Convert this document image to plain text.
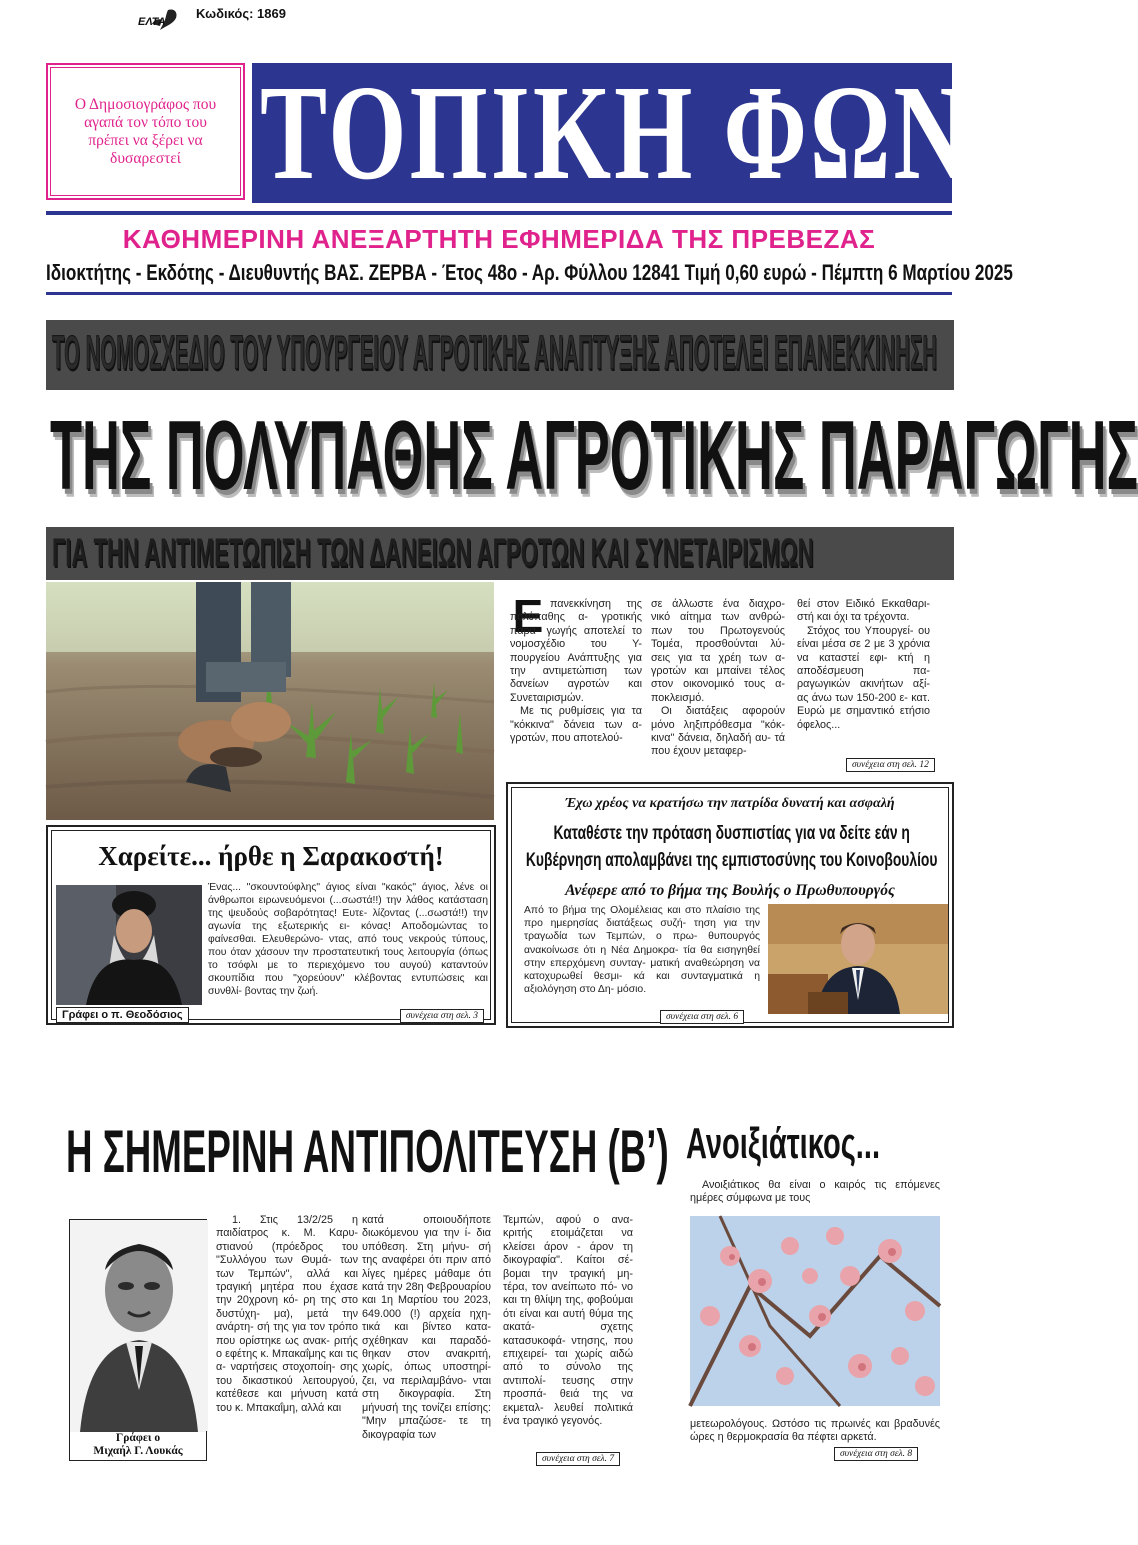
ΕΛΤΑ
Κωδικός: 1869
Ο Δημοσιογράφος που αγαπά τον τόπο του πρέπει να ξέρει να δυσαρεστεί ΤΟΠΙΚΗ ΦΩΝΗ
ΚΑΘΗΜΕΡΙΝΗ ΑΝΕΞΑΡΤΗΤΗ ΕΦΗΜΕΡΙΔΑ ΤΗΣ ΠΡΕΒΕΖΑΣ
Ιδιοκτήτης - Εκδότης - Διευθυντής ΒΑΣ. ΖΕΡΒΑ - Έτος 48ο - Αρ. Φύλλου 12841 Τιμή 0,60 ευρώ - Πέμπτη 6 Μαρτίου 2025
ΤΟ ΝΟΜΟΣΧΕΔΙΟ ΤΟΥ ΥΠΟΥΡΓΕΙΟΥ ΑΓΡΟΤΙΚΗΣ ΑΝΑΠΤΥΞΗΣ ΑΠΟΤΕΛΕΙ ΕΠΑΝΕΚΚΙΝΗΣΗ
ΤΗΣ ΠΟΛΥΠΑΘΗΣ ΑΓΡΟΤΙΚΗΣ ΠΑΡΑΓΩΓΗΣ
ΓΙΑ ΤΗΝ ΑΝΤΙΜΕΤΩΠΙΣΗ ΤΩΝ ΔΑΝΕΙΩΝ ΑΓΡΟΤΩΝ ΚΑΙ ΣΥΝΕΤΑΙΡΙΣΜΩΝ
Ε πανεκκίνηση της πολύπαθης α- γροτικής παρα- γωγής αποτελεί το νομοσχέδιο του Υ- πουργείου Ανάπτυξης για την αντιμετώπιση των δανείων αγροτών και Συνεταιρισμών.

Με τις ρυθμίσεις για τα "κόκκινα" δάνεια των α- γροτών, που αποτελού-

σε άλλωστε ένα διαχρο- νικό αίτημα των ανθρώ- πων του Πρωτογενούς Τομέα, προσθούνται λύ- σεις για τα χρέη των α- γροτών και μπαίνει τέλος στον οικονομικό τους α- ποκλεισμό.

Οι διατάξεις αφορούν μόνο ληξιπρόθεσμα "κόκ- κινα" δάνεια, δηλαδή αυ- τά που έχουν μεταφερ-

θεί στον Ειδικό Εκκαθαρι- στή και όχι τα τρέχοντα.

Στόχος του Υπουργεί- ου είναι μέσα σε 2 με 3 χρόνια να καταστεί εφι- κτή η αποδέσμευση πα- ραγωγικών ακινήτων αξί- ας άνω των 150-200 ε- κατ. Ευρώ με σημαντικό ετήσιο όφελος...

συνέχεια στη σελ. 12
Χαρείτε... ήρθε η Σαρακοστή!
Ένας... "σκουντούφλης" άγιος είναι "κακός" άγιος, λένε οι άνθρωποι ειρωνευόμενοι (...σωστά!!) την λάθος κατάσταση της ψευδούς σοβαρότητας! Ευτε- λίζοντας (...σωστά!!) την αγωνία της εξωτερικής ει- κόνας! Αποδομώντας το φαίνεσθαι. Ελευθερώνο- ντας, από τους νεκρούς τύπους, που όταν χάσουν την προστατευτική τους λειτουργία (όπως το τσόφλι με το περιεχόμενο του αυγού) καταντούν σκουπίδια που "χορεύουν" κλέβοντας εντυπώσεις και συνθλί- βοντας την ζωή.
Γράφει ο π. Θεοδόσιος	συνέχεια στη σελ. 3
Έχω χρέος να κρατήσω την πατρίδα δυνατή και ασφαλή
Καταθέστε την πρόταση δυσπιστίας για να δείτε εάν η Κυβέρνηση απολαμβάνει της εμπιστοσύνης του Κοινοβουλίου
Ανέφερε από το βήμα της Βουλής ο Πρωθυπουργός
Από το βήμα της Ολομέλειας και στο πλαίσιο της προ ημερησίας διατάξεως συζή- τηση για την τραγωδία των Τεμπών, ο πρω- θυπουργός ανακοίνωσε ότι η Νέα Δημοκρα- τία θα εισηγηθεί στην επερχόμενη συνταγ- ματική αναθεώρηση να κατοχυρωθεί θεσμι- κά και συνταγματικά η αξιολόγηση στο Δη- μόσιο.
συνέχεια στη σελ. 6
Η ΣΗΜΕΡΙΝΗ ΑΝΤΙΠΟΛΙΤΕΥΣΗ (Β’)
Γράφει ο
Μιχαήλ Γ. Λουκάς
1. Στις 13/2/25 η παιδίατρος κ. Μ. Καρυ- στιανού (πρόεδρος του "Συλλόγου των Θυμά- των των Τεμπών", αλλά και τραγική μητέρα που έχασε την 20χρονη κό- ρη της στο δυστύχη- μα), μετά την ανάρτη- σή της για τον τρόπο που ορίστηκε ως ανακ- ριτής ο εφέτης κ. Μπακαΐμης και τις α- ναρτήσεις στοχοποίη- σης του δικαστικού λειτουργού, κατέθεσε και μήνυση κατά του κ. Μπακαΐμη, αλλά και
κατά οποιουδήποτε διωκόμενου για την ί- δια υπόθεση. Στη μήνυ- σή της αναφέρει ότι πριν από λίγες ημέρες μάθαμε ότι κατά την 28η Φεβρουαρίου και 1η Μαρτίου του 2023, 649.000 (!) αρχεία ηχη- τικά και βίντεο κατα- σχέθηκαν και παραδό- θηκαν στον ανακριτή, χωρίς, όπως υποστηρί- ζει, να περιλαμβάνο- νται στη δικογραφία. Στη μήνυσή της τονίζει επίσης: "Μην μπαζώσε- τε τη δικογραφία των
Τεμπών, αφού ο ανα- κριτής ετοιμάζεται να κλείσει άρον - άρον τη δικογραφία". Καίτοι σέ- βομαι την τραγική μη- τέρα, τον ανείπωτο πό- νο και τη θλίψη της, φοβούμαι ότι είναι και αυτή θύμα της ακατά- σχετης κατασυκοφά- ντησης, που επιχειρεί- ται χωρίς αιδώ από το σύνολο της αντιπολί- τευσης στην προσπά- θειά της να εκμεταλ- λευθεί πολιτικά ένα τραγικό γεγονός.
συνέχεια στη σελ. 7
Ανοιξιάτικος...
Ανοιξιάτικος θα είναι ο καιρός τις επόμενες ημέρες σύμφωνα με τους
μετεωρολόγους. Ωστόσο τις πρωινές και βραδυνές ώρες η θερμοκρασία θα πέφτει αρκετά.
συνέχεια στη σελ. 8
